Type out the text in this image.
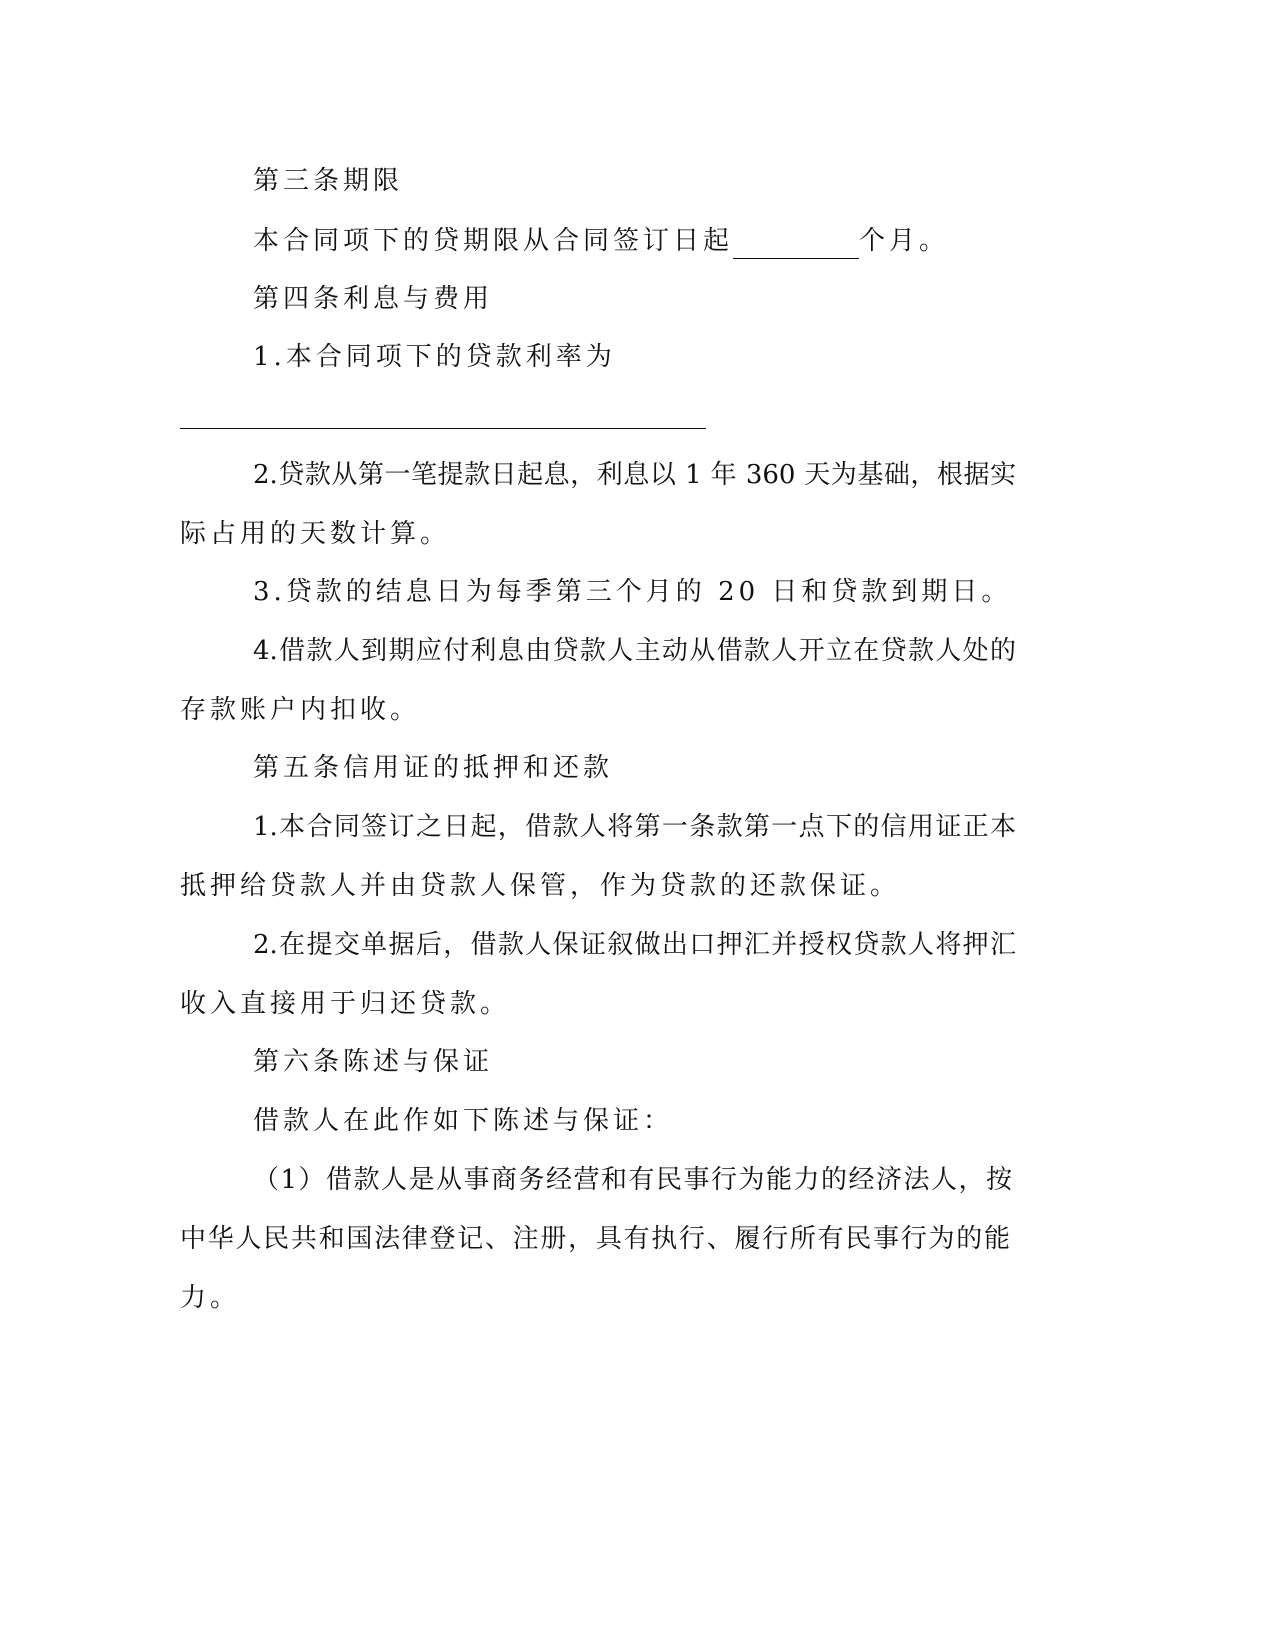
第三条期限
本合同项下的贷期限从合同签订日起	个月。
第四条利息与费用
1.本合同项下的贷款利率为
2.贷款从第一笔提款日起息，利息以 1 年 360 天为基础，根据实
际占用的天数计算。
3.贷款的结息日为每季第三个月的 20 日和贷款到期日。
4.借款人到期应付利息由贷款人主动从借款人开立在贷款人处的
存款账户内扣收。
第五条信用证的抵押和还款
1.本合同签订之日起，借款人将第一条款第一点下的信用证正本
抵押给贷款人并由贷款人保管，作为贷款的还款保证。
2.在提交单据后，借款人保证叙做出口押汇并授权贷款人将押汇
收入直接用于归还贷款。
第六条陈述与保证
借款人在此作如下陈述与保证：
（1）借款人是从事商务经营和有民事行为能力的经济法人，按
中华人民共和国法律登记、注册，具有执行、履行所有民事行为的能
力。
